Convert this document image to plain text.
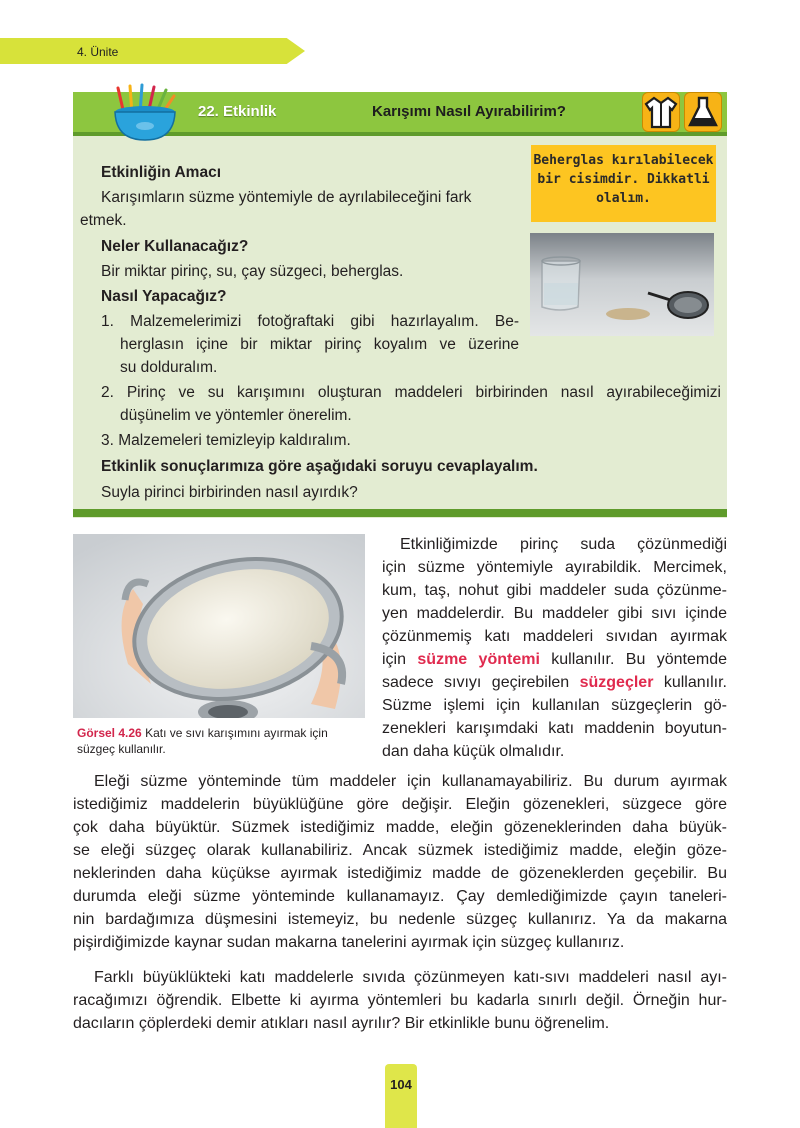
4. Ünite
22. Etkinlik	Karışımı Nasıl Ayırabilirim?
Beherglas kırılabilecek
bir cisimdir. Dikkatli
olalım.
Etkinliğin Amacı
Karışımların süzme yöntemiyle de ayrılabileceğini fark
etmek.
Neler Kullanacağız?
Bir miktar pirinç, su, çay süzgeci, beherglas.
Nasıl Yapacağız?
1. Malzemelerimizi fotoğraftaki gibi hazırlayalım. Be-
herglasın içine bir miktar pirinç koyalım ve üzerine
su dolduralım.
2. Pirinç ve su karışımını oluşturan maddeleri birbirinden nasıl ayırabileceğimizi
düşünelim ve yöntemler önerelim.
3. Malzemeleri temizleyip kaldıralım.
Etkinlik sonuçlarımıza göre aşağıdaki soruyu cevaplayalım.
Suyla pirinci birbirinden nasıl ayırdık?
Görsel 4.26 Katı ve sıvı karışımını ayırmak için
süzgeç kullanılır.
Etkinliğimizde pirinç suda çözünmediği
için süzme yöntemiyle ayırabildik. Mercimek,
kum, taş, nohut gibi maddeler suda çözünme-
yen maddelerdir. Bu maddeler gibi sıvı içinde
çözünmemiş katı maddeleri sıvıdan ayırmak
için süzme yöntemi kullanılır. Bu yöntemde
sadece sıvıyı geçirebilen süzgeçler kullanılır.
Süzme işlemi için kullanılan süzgeçlerin gö-
zenekleri karışımdaki katı maddenin boyutun-
dan daha küçük olmalıdır.
Eleği süzme yönteminde tüm maddeler için kullanamayabiliriz. Bu durum ayırmak
istediğimiz maddelerin büyüklüğüne göre değişir. Eleğin gözenekleri, süzgece göre
çok daha büyüktür. Süzmek istediğimiz madde, eleğin gözeneklerinden daha büyük-
se eleği süzgeç olarak kullanabiliriz. Ancak süzmek istediğimiz madde, eleğin göze-
neklerinden daha küçükse ayırmak istediğimiz madde de gözeneklerden geçebilir. Bu
durumda eleği süzme yönteminde kullanamayız. Çay demlediğimizde çayın taneleri-
nin bardağımıza düşmesini istemeyiz, bu nedenle süzgeç kullanırız. Ya da makarna
pişirdiğimizde kaynar sudan makarna tanelerini ayırmak için süzgeç kullanırız.
Farklı büyüklükteki katı maddelerle sıvıda çözünmeyen katı-sıvı maddeleri nasıl ayı-
racağımızı öğrendik. Elbette ki ayırma yöntemleri bu kadarla sınırlı değil. Örneğin hur-
dacıların çöplerdeki demir atıkları nasıl ayrılır? Bir etkinlikle bunu öğrenelim.
104
